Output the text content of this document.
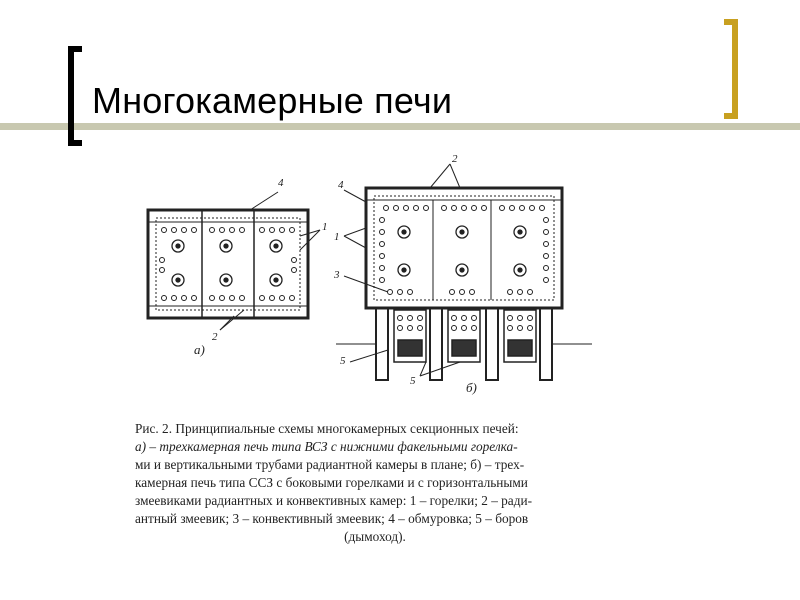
Многокамерные печи
4
1
2
а)
4
2
1
3
5
5	б)
Рис. 2. Принципиальные схемы многокамерных секционных печей:
а) – трехкамерная печь типа ВСЗ с нижними факельными горелка-
ми и вертикальными трубами радиантной камеры в плане; б) – трех-
камерная печь типа ССЗ с боковыми горелками и с горизонтальными
змеевиками радиантных и конвективных камер: 1 – горелки; 2 – ради-
антный змеевик; 3 – конвективный змеевик; 4 – обмуровка; 5 – боров
(дымоход).
